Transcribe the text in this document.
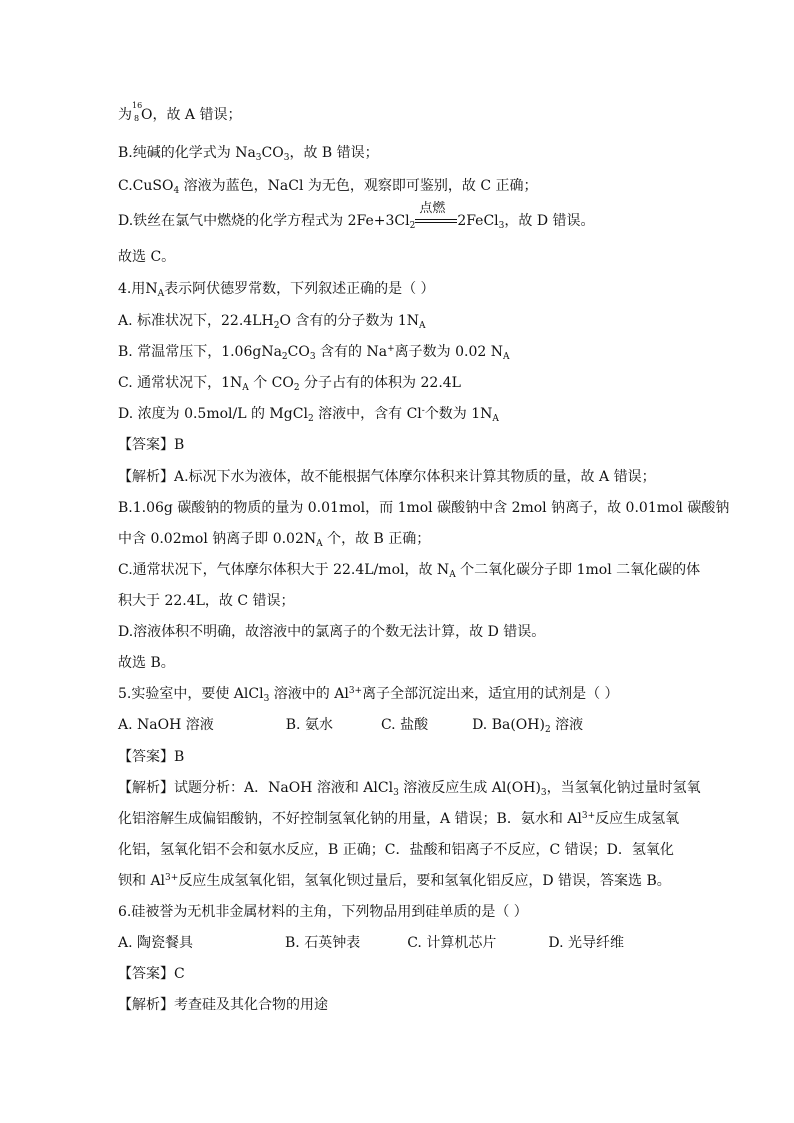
为
16
8 O，故 A 错误；
B.纯碱的化学式为 $Na_3CO_3$，故 B 错误；
C.CuSO$_4$ 溶液为蓝色，NaCl 为无色，观察即可鉴别，故 C 正确；
D.铁丝在氯气中燃烧的化学方程式为 $2Fe+3Cl_2$
点燃
2FeCl$_3$，故 D 错误。
故选 C。
4.用$N_A$表示阿伏德罗常数，下列叙述正确的是（ ）
A. 标准状况下，$22.4LH_2O$ 含有的分子数为 $1N_A$
B. 常温常压下，$1.06gNa_2CO_3$ 含有的 Na+离子数为 0.02 $N_A$
C. 通常状况下，$1N_A$ 个 $CO_2$ 分子占有的体积为 22.4L
D. 浓度为 0.5mol/L 的 MgCl$_2$ 溶液中，含有 Cl-个数为 $1N_A$
【答案】B
【解析】A.标况下水为液体，故不能根据气体摩尔体积来计算其物质的量，故 A 错误；
B.1.06g 碳酸钠的物质的量为 0.01mol，而 1mol 碳酸钠中含 2mol 钠离子，故 0.01mol 碳酸钠
中含 0.02mol 钠离子即 $0.02N_A$ 个，故 B 正确；
C.通常状况下，气体摩尔体积大于 22.4L/mol，故 $N_A$ 个二氧化碳分子即 1mol 二氧化碳的体
积大于 22.4L，故 C 错误；
D.溶液体积不明确，故溶液中的氯离子的个数无法计算，故 D 错误。
故选 B。
5.实验室中，要使 AlCl$_3$ 溶液中的 $Al^{3+}$离子全部沉淀出来，适宜用的试剂是（ ）
A. NaOH 溶液	B. 氨水	C. 盐酸	D. $Ba(OH)_2$ 溶液
【答案】B
【解析】试题分析：A．NaOH 溶液和 AlCl$_3$ 溶液反应生成 $Al(OH)_3$，当氢氧化钠过量时氢氧
化铝溶解生成偏铝酸钠，不好控制氢氧化钠的用量，A 错误；B．氨水和 $Al^{3+}$反应生成氢氧
化铝，氢氧化铝不会和氨水反应，B 正确；C．盐酸和铝离子不反应，C 错误；D．氢氧化
钡和 $Al^{3+}$反应生成氢氧化铝，氢氧化钡过量后，要和氢氧化铝反应，D 错误，答案选 B。
6.硅被誉为无机非金属材料的主角，下列物品用到硅单质的是（ ）
A. 陶瓷餐具	B. 石英钟表	C. 计算机芯片	D. 光导纤维
【答案】C
【解析】考查硅及其化合物的用途
